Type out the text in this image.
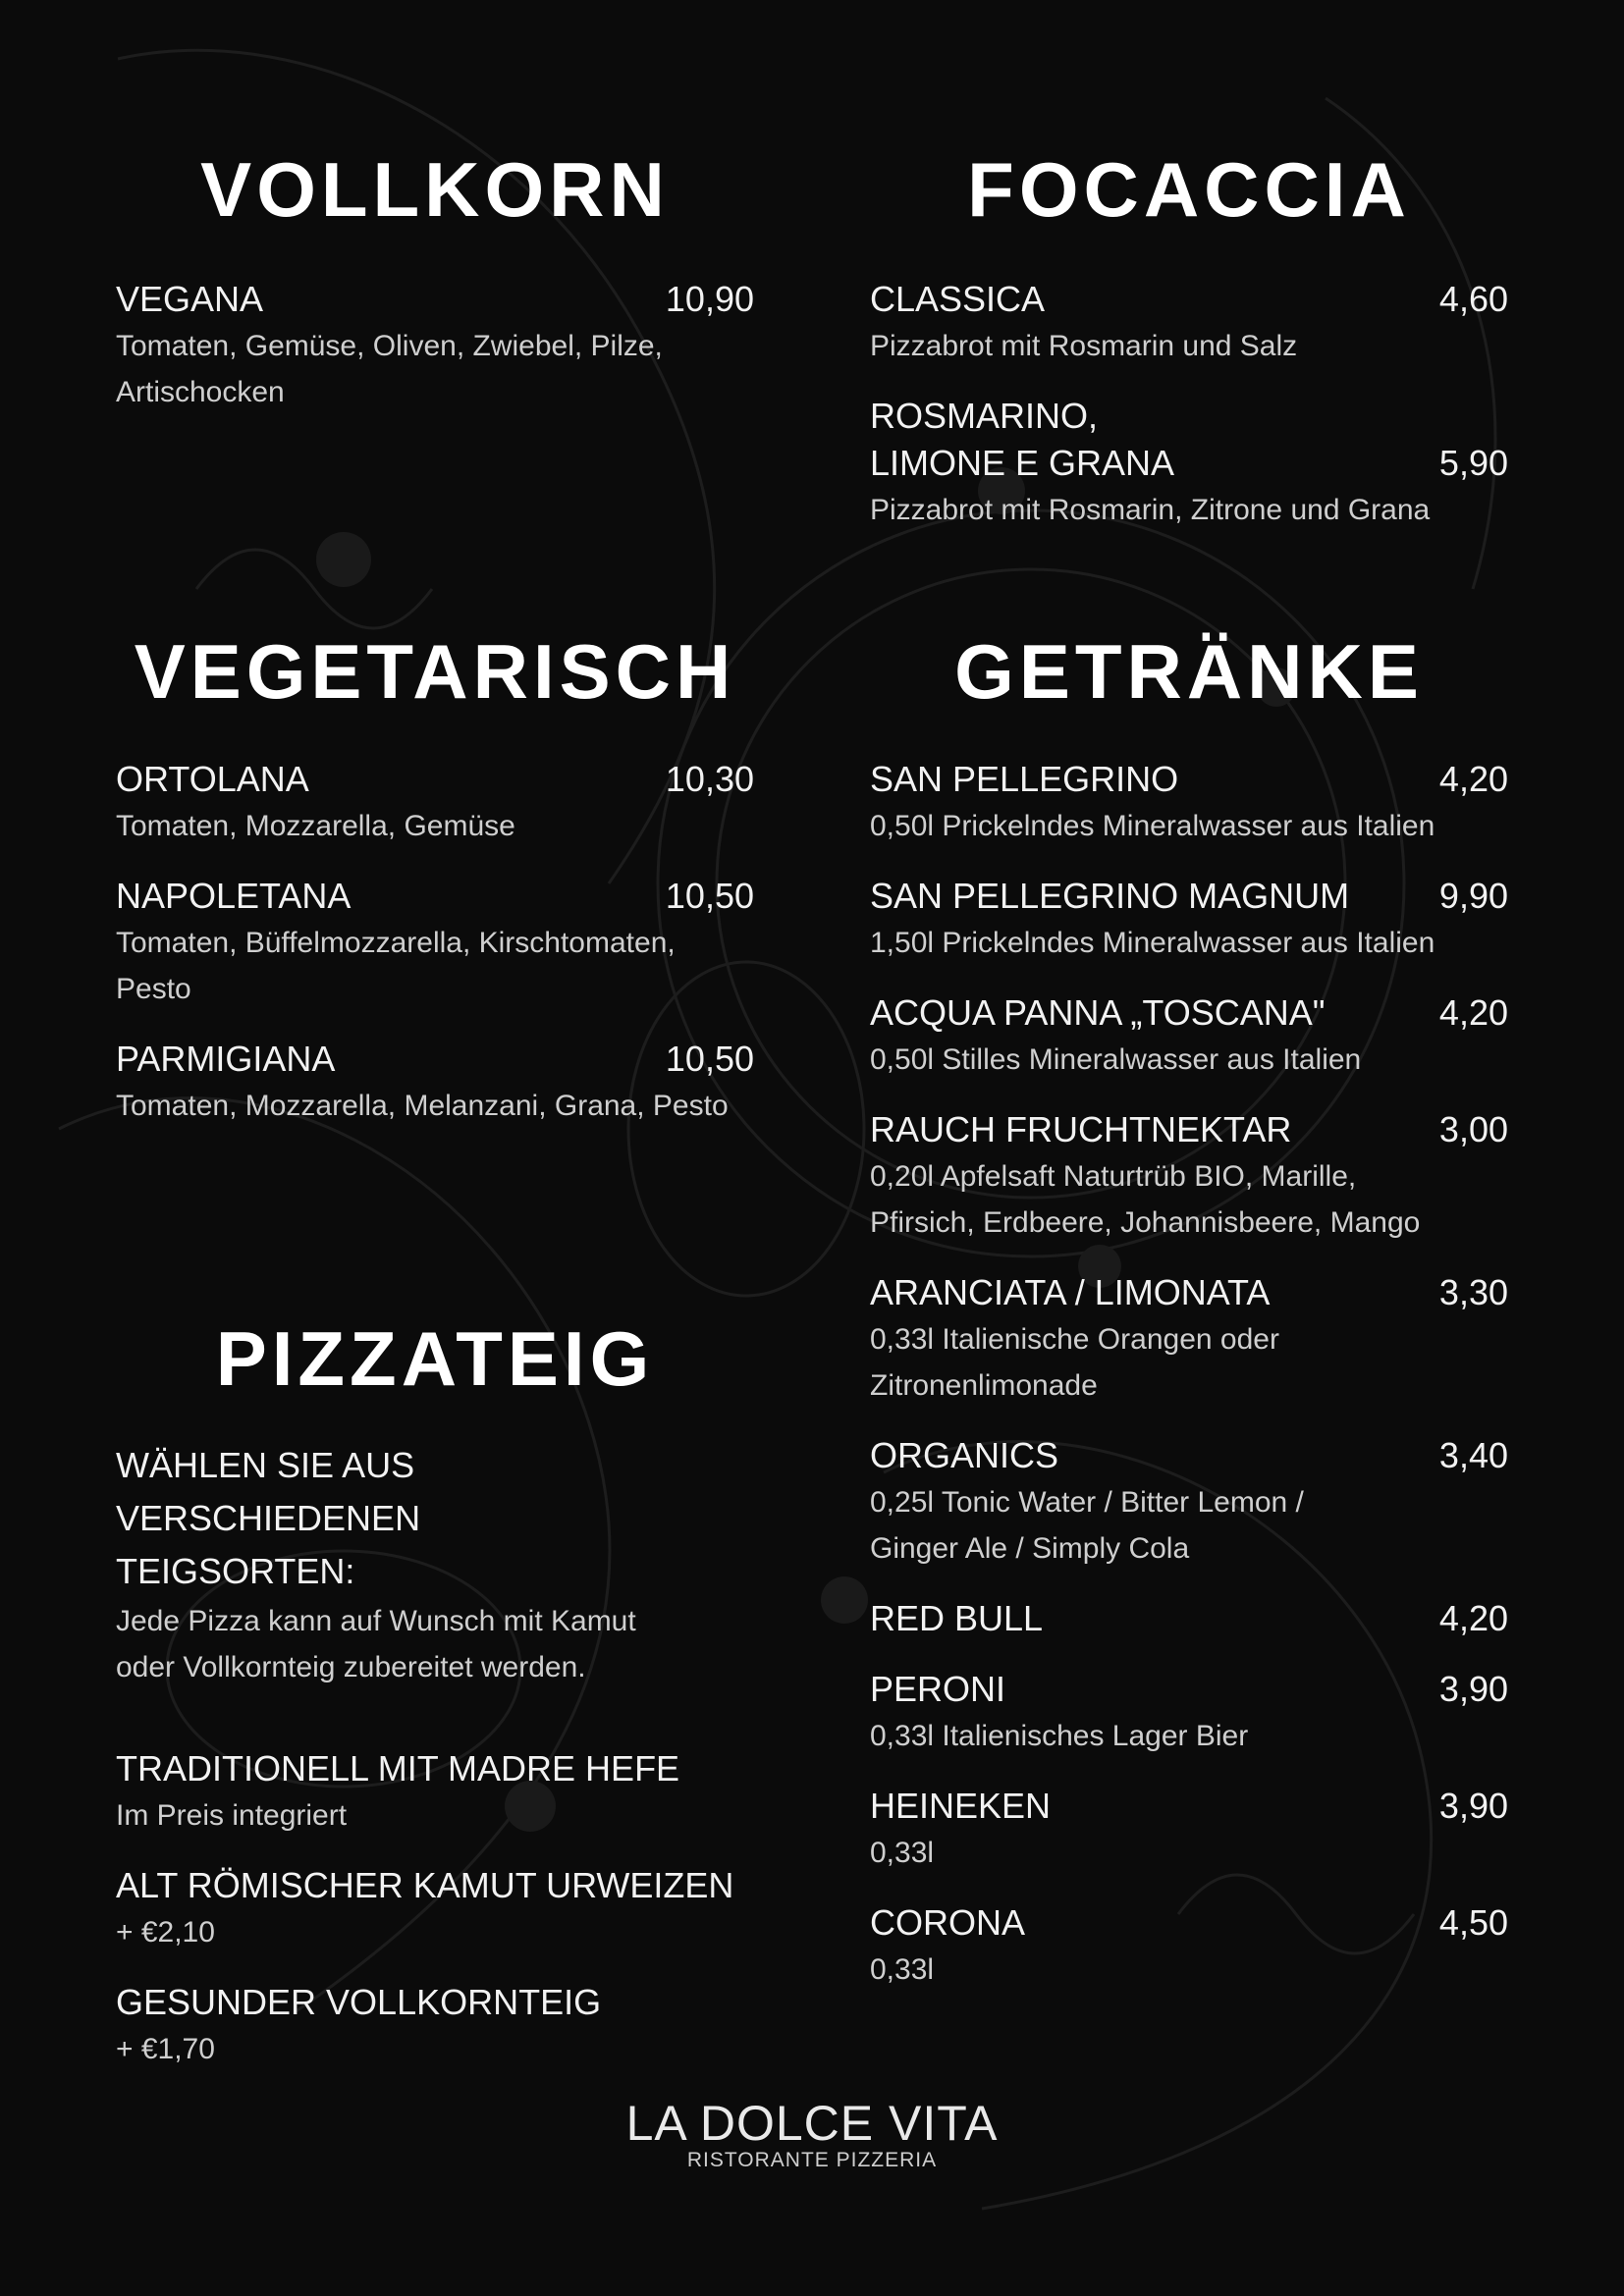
VOLLKORN
VEGANA	10,90
Tomaten, Gemüse, Oliven, Zwiebel, Pilze, Artischocken
VEGETARISCH
ORTOLANA	10,30
Tomaten, Mozzarella, Gemüse
NAPOLETANA	10,50
Tomaten, Büffelmozzarella, Kirschtomaten, Pesto
PARMIGIANA	10,50
Tomaten, Mozzarella, Melanzani, Grana, Pesto
PIZZATEIG
WÄHLEN SIE AUS VERSCHIEDENEN TEIGSORTEN:
Jede Pizza kann auf Wunsch mit Kamut oder Vollkornteig zubereitet werden.
TRADITIONELL MIT MADRE HEFE
Im Preis integriert
ALT RÖMISCHER KAMUT URWEIZEN
+ €2,10
GESUNDER VOLLKORNTEIG
+ €1,70
FOCACCIA
CLASSICA	4,60
Pizzabrot mit Rosmarin und Salz
ROSMARINO,
LIMONE E GRANA	5,90
Pizzabrot mit Rosmarin, Zitrone und Grana
GETRÄNKE
SAN PELLEGRINO	4,20
0,50l Prickelndes Mineralwasser aus Italien
SAN PELLEGRINO MAGNUM	9,90
1,50l Prickelndes Mineralwasser aus Italien
ACQUA PANNA „TOSCANA"	4,20
0,50l Stilles Mineralwasser aus Italien
RAUCH FRUCHTNEKTAR	3,00
0,20l Apfelsaft Naturtrüb BIO, Marille, Pfirsich, Erdbeere, Johannisbeere, Mango
ARANCIATA / LIMONATA	3,30
0,33l Italienische Orangen oder Zitronenlimonade
ORGANICS	3,40
0,25l Tonic Water / Bitter Lemon / Ginger Ale / Simply Cola
RED BULL	4,20
PERONI	3,90
0,33l Italienisches Lager Bier
HEINEKEN	3,90
0,33l
CORONA	4,50
0,33l
LA DOLCE VITA
RISTORANTE PIZZERIA
